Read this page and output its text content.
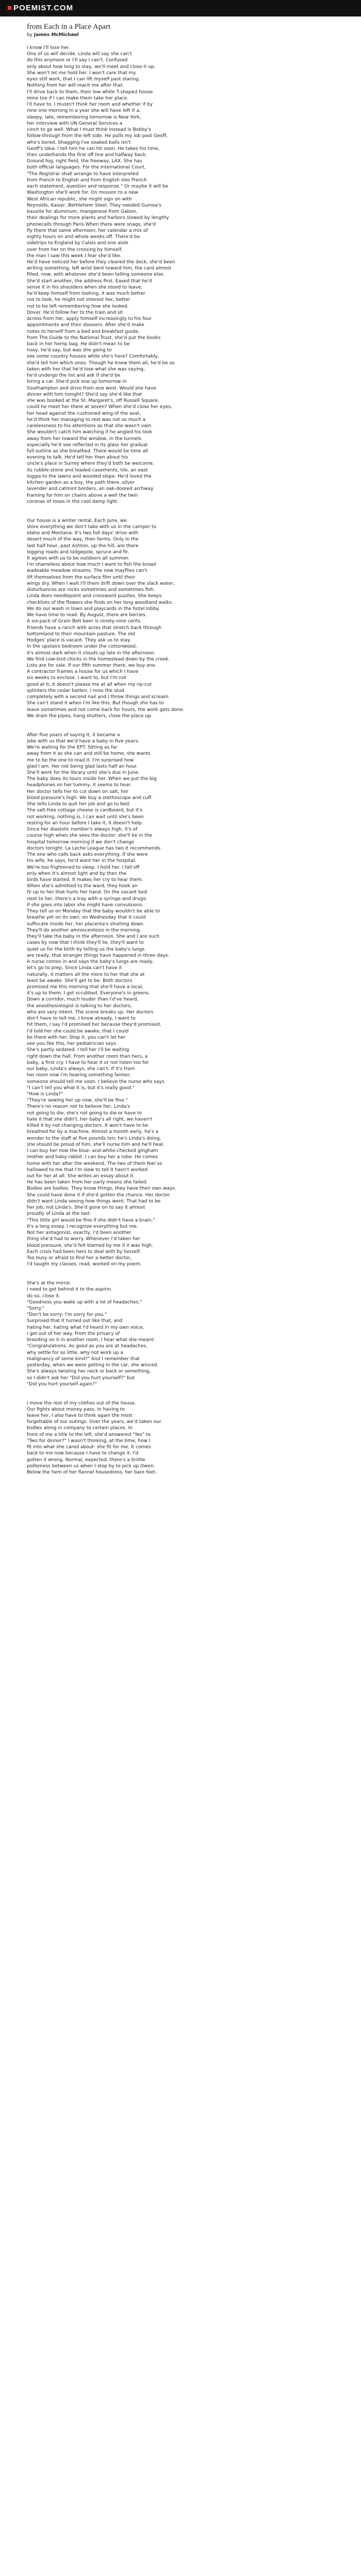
■ POEMIST.COM
from Each in a Place Apart
by James McMichael
I know I'll lose her.
One of us will decide. Linda will say she can't
do this anymore or I'll say I can't. Confused
only about how long to stay, we'll meet and close it up.
She won't let me hold her. I won't care that my
eyes still work, that I can lift myself past staring.
Nothing from her will reach me after that.
I'll drive back to them, their low white T-shaped house
mine too if I can make them take her place.
I'll have to. I mustn't think her room and whether if by
nine one morning in a year she will have left it a,
sleepy, late, remembering tomorrow is New York,
her interview with UN General Services a
cinch to go well. What I must think instead is Bobby's
follow-through from the left side. He pulls my lob past Geoff,
who's bored. Shagging I've soaked balls isn't
Geoff's idea. I tell him he can hit soon. He takes his time,
then underhands the first off line and halfway back.
Ground fog, right field, the freeway, LAX. She has
both official languages. For the International Court,
"The Registrar shall arrange to have interpreted
from French to English and from English into French
each statement, question and response." Or maybe it will be
Washington she'll work for. On mission to a new
West African republic, she might sign on with
Reynolds, Kaiser, Bethlehem Steel. They needed Guinea's
bauxite for aluminum, manganese from Gabon,
their dealings for more plants and harbors slowed by lengthy
phonecalls through Paris.When there were snags, she'd
fly there that same afternoon, her calendar a mix of
eighty hours on and whole weeks off. There'd be
sidetrips to England by Calais and one aisle
over from her on the crossing by himself,
the man I saw this week I fear she'd like.
He'd have noticed her before they cleared the dock, she'd been
writing something, left wrist bent toward him, the card almost
filled, now, with whatever she'd been telling someone else.
She'd start another, the address first. Eased that he'd
sense it in his shoulders when she stood to leave,
he'd keep himself from looking, it was much better
not to look, he might not interest her, better
not to be left remembering how she looked.
Dover. He'd follow her to the train and sit
across from her, apply himself increasingly to his four
appointments and their dossiers. After she'd make
notes to herself from a bed and breakfast guide,
from The Guide to the National Trust, she'd put the books
back in her hemp bag. He didn't mean to be
nosy, he'd say, but was she going to
see some country houses while she's here? Comfortably,
she'd tell him which ones. Though he knew them all, he'd be so
taken with her that he'd lose what she was saying,
he'd undergo the list and ask if she'd be
hiring a car. She'd pick one up tomorrow in
Southampton and drive from one west. Would she have
dinner with him tonight? She'd say she'd like that
she was booked at the St. Margaret's, off Russell Square,
could he meet her there at seven? When she'd close her eyes,
her head against the cushioned wing of the seat,
he'd think her managing to rest was not so much a
carelessness to his attentions as that she wasn't vain.
She wouldn't catch him watching if he angled his look
away from her toward the window, in the tunnels
especially he'd see reflected in its glass her gradual
full outline as she breathed. There would be time all
evening to talk. He'd tell her then about his
uncle's place in Surrey where they'd both be welcome,
its rubble-stone and leaded casements, tile, an east
loggia to the lawns and wooded slope. He'd loved the
kitchen garden as a boy, the path there, silver
lavender and catmint borders, an oak-doored archway
framing for him on chains above a well the twin
coronas of roses in the cool damp light.
Our house is a winter rental. Each June, we
store everything we don't take with us in the camper to
Idaho and Montana. It's two full days' drive with
desert much of the way, then farms. Only in the
last half hour, past Ashton, up the hill, are there
logging roads and lodgepole, spruce and fir.
It agrees with us to be outdoors all summer.
I'm shameless about how much I want to fish the broad
wadeable meadow streams. The new mayflies can't
lift themselves from the surface film until their
wings dry. When I wait I'll them drift down over the slack water,
disturbances are rocks sometimes and sometimes fish.
Linda does needlepoint and crossword puzzles. She keeps
checklists of the flowers she finds on her long woodland walks.
We do our wash in town and playcards in the hotel lobby.
We have time to read. By August, there are berries.
A six-pack of Grain Belt beer is ninety-nine cents.
Friends have a ranch with acres that stretch back through
bottomland to their mountain pasture. The old
Hodges' place is vacant. They ask us to stay.
In the upstairs bedroom under the cottonwood,
it's almost dark when it clouds up late in the afternoon.
We find cow-bird chicks in the homestead down by the creek.
Lists are for sale. If our fifth summer there, we buy one.
A contractor frames a house for us which I have
six weeks to enclose. I want to, but I'm not
good at it, it doesn't please me at all when my rip-cut
splinters the cedar batten. I miss the stud
completely with a second nail and I throw things and scream.
She can't stand it when I'm like this. But though she has to
leave sometimes and not come back for hours, the work gets done.
We drain the pipes, hang shutters, close the place up.
After five years of saying it, it became a
joke with us that we'd have a baby in five years.
We're waiting for the EPT. Sitting as far
away from it as she can and still be home, she wants
me to be the one to read it. I'm surprised how
glad I am. Her not being glad lasts half an hour.
She'll work for the library until she's due in June.
The baby does its tours inside her. When we put the big
headphones on her tummy, it seems to hear.
Her doctor tells her to cut down on salt, her
blood pressure's high. We buy a stethoscope and cuff.
She tells Linda to quit her job and go to bed.
The salt-free cottage cheese is cardboard, but it's
not working, nothing is, I can wait until she's been
resting for an hour before I take it, it doesn't help.
Since her diastolic number's always high, it's of
course high when she sees the doctor: she'll be in the
hospital tomorrow morning if we don't change
doctors tonight. La Leche League has two it recommends.
The one who calls back asks everything. If she were
his wife, he says, he'd want her in the hospital.
We're too frightened to sleep. I hold her. I fall off
only when it's almost light and by then the
birds have started. It makes her cry to hear them.
When she's admitted to the ward, they hook an
IV up to her that hurts her hand. On the vacant bed
next to her, there's a tray with a syringe and drugs:
if she goes into labor she might have convulsions.
They tell us on Monday that the baby wouldn't be able to
breathe yet on its own, on Wednesday that it could
suffocate inside her, her placenta's shutting down.
They'll do another amniocentesis in the morning,
they'll take the baby in the afternoon. She and I are such
cases by now that I think they'll lie, they'll want to
quiet us for the birth by telling us the baby's lungs
are ready, that stranger things have happened in three days.
A nurse comes in and says the baby's lungs are ready,
let's go to prep. Since Linda can't have it
naturally, it matters all the more to her that she at
least be awake. She'll get to be. Both doctors
promised me this morning that she'll have a local,
it's up to them. I get scrubbed. Everyone's in greens.
Down a corridor, much louder than I'd've heard,
the anesthesiologist is talking to her doctors,
who are very intent. The scene breaks up. Her doctors
don't have to tell me, I know already, I want to
hit them, I say I'd promised her because they'd promised,
I'd told her she could be awake, that I could
be there with her. Stop it, you can't let her
see you like this, her pediatrician says.
She's partly sedated. I tell her I'll be waiting
right down the hall. From another room than hers, a
baby, a first cry. I have to hear it or not listen too for
our baby, Linda's always, she can't. If it's from
her room now I'm hearing something fainter,
someone should tell me soon. I believe the nurse who says
"I can't tell you what it is, but it's really good."
"How is Linda?"
"They're sewing her up now, she'll be fine."
There's no reason not to believe her, Linda's
not going to die, she's not going to die or have to
hate it that she didn't, her baby's all right, we haven't
killed it by not changing doctors. It won't have to be
breathed for by a machine. Almost a month early, he's a
wonder to the staff at five pounds ten; he's Linda's doing,
she should be proud of him, she'll nurse him and he'll heal.
I can buy her now the blue- and-white-checked gingham
mother and baby rabbit. I can buy her a robe. He comes
home with her after the weekend. The two of them feel so
hallowed to me that I'm slow to tell it hasn't worked
out for her at all. She writes an essay about it.
He has been taken from her early means she failed.
Bodies are bodies. They know things, they have their own ways.
She could have done it if she'd gotten the chance. Her doctor
didn't want Linda seeing how things went. That had to be
her job, not Linda's. She'd gone on to say it almost
proudly of Linda at the last:
"This little girl would be fine if she didn't have a brain."
It's a long essay. I recognize everything but me.
Not her antagonist, exactly, I'd been another
thing she'd had to worry. Whenever I'd taken her
blood pressure, she'd felt blamed by me if it was high.
Each crisis had been hers to deal with by herself.
Too busy or afraid to find her a better doctor,
I'd taught my classes, read, worked on my poem.
She's at the mirror.
I need to get behind it to the aspirin.
do so, close it.
"Goodness you wake up with a lot of headaches."
"Sorry."
"Don't be sorry; I'm sorry for you."
Surprised that it turned out like that, and
hating her, hating what I'd heard in my own voice,
I get out of her way. From the privacy of
brooding on it in another room, I hear what she meant:
"Congratulations. As good as you are at headaches,
why settle for so little, why not work up a
malignancy of some kind?" And I remember that
yesterday, when we were getting in the car, she winced.
She's always twisting her neck or back or something,
so I didn't ask her "Did you hurt yourself?" but
"Did you hurt yourself again?"
I move the rest of my clothes out of the house.
Our fights about money pass. In having to
leave her, I also have to think again the most
forgettable of our outings. Over the years, we'd taken our
bodies along in company to certain places. In
front of me a title to the left, she'd answered "Yes" to
"Two for dinner?" I wasn't thinking, at the time, how I
fit into what she cared about: she fit for me. It comes
back to me now because I have to change it, I'd
gotten it wrong. Normal, expected, there's a brittle
politeness between us when I stop by to pick up Owen.
Below the hem of her flannel housedress, her bare feet.
